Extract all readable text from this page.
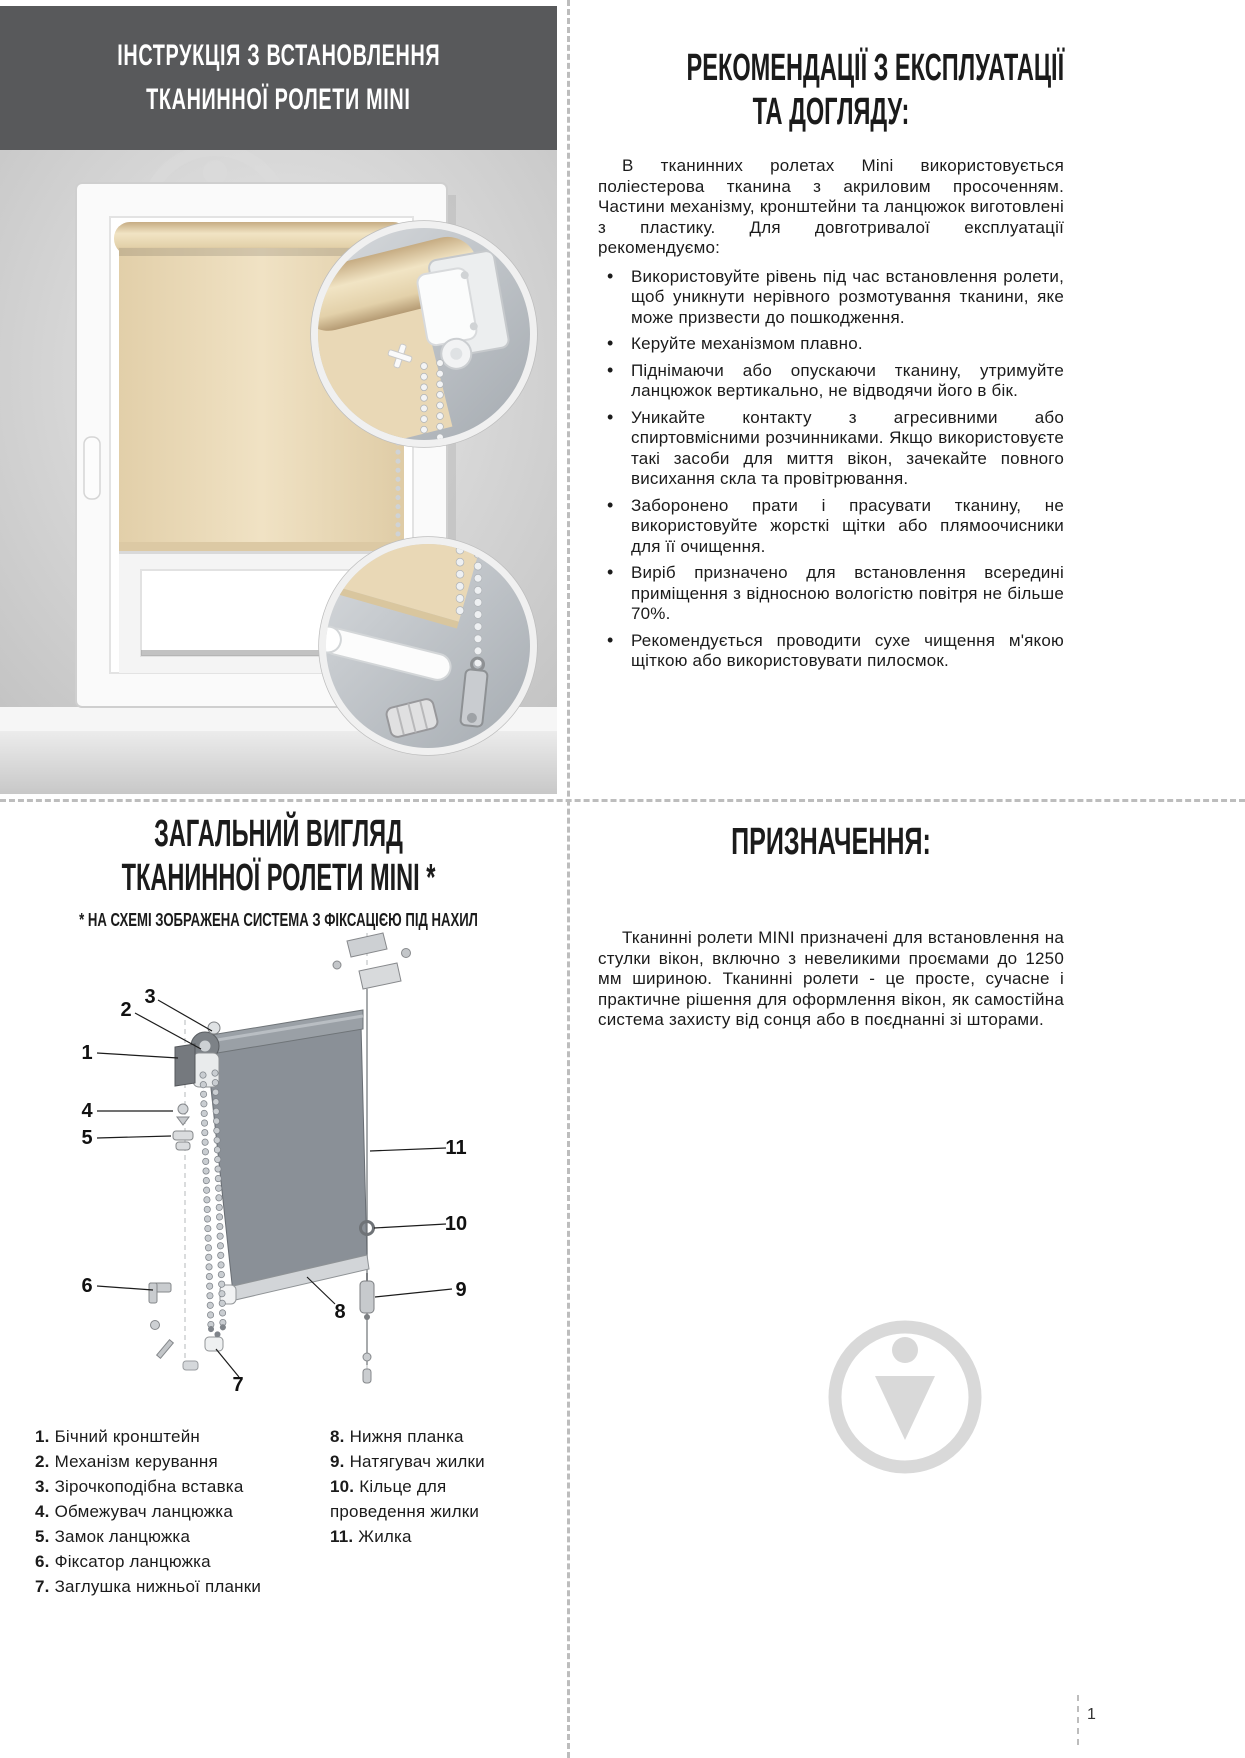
ІНСТРУКЦІЯ З ВСТАНОВЛЕННЯ
ТКАНИННОЇ РОЛЕТИ MINI
РЕКОМЕНДАЦІЇ З ЕКСПЛУАТАЦІЇ
ТА ДОГЛЯДУ:

В тканинних ролетах Mini використовується поліестерова тканина з акриловим просоченням. Частини механізму, кронштейни та ланцюжок виготовлені з пластику. Для довготривалої експлуатації рекомендуємо:

• Використовуйте рівень під час встановлення ролети, щоб уникнути нерівного розмотування тканини, яке може призвести до пошкодження.
• Керуйте механізмом плавно.
• Піднімаючи або опускаючи тканину, утримуйте ланцюжок вертикально, не відводячи його в бік.
• Уникайте контакту з агресивними або спиртовмісними розчинниками. Якщо використовуєте такі засоби для миття вікон, зачекайте повного висихання скла та провітрювання.
• Заборонено прати і прасувати тканину, не використовуйте жорсткі щітки або плямоочисники для її очищення.
• Виріб призначено для встановлення всередині приміщення з відносною вологістю повітря не більше 70%.
• Рекомендується проводити сухе чищення м'якою щіткою або використовувати пилосмок.
ЗАГАЛЬНИЙ ВИГЛЯД
ТКАНИННОЇ РОЛЕТИ MINI *
* НА СХЕМІ ЗОБРАЖЕНА СИСТЕМА З ФІКСАЦІЄЮ ПІД НАХИЛ
1
2
3
4
5
6
7
8
9
10
11
1. Бічний кронштейн
2. Механізм керування
3. Зірочкоподібна вставка
4. Обмежувач ланцюжка
5. Замок ланцюжка
6. Фіксатор ланцюжка
7. Заглушка нижньої планки
8. Нижня планка
9. Натягувач жилки
10. Кільце для проведення жилки
11. Жилка
ПРИЗНАЧЕННЯ:

Тканинні ролети MINI призначені для встановлення на стулки вікон, включно з невеликими проємами до 1250 мм шириною. Тканинні ролети - це просте, сучасне і практичне рішення для оформлення вікон, як самостійна система захисту від сонця або в поєднанні зі шторами.

1
